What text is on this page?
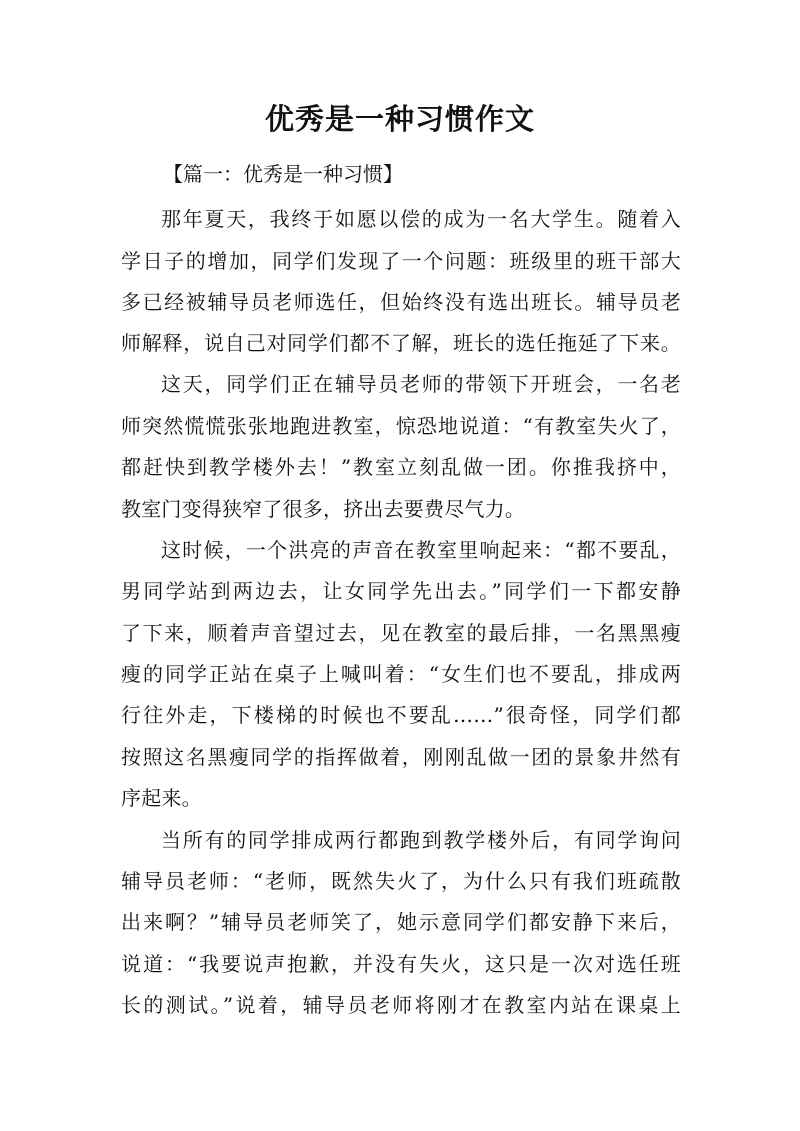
优秀是一种习惯作文

【篇一：优秀是一种习惯】

那年夏天，我终于如愿以偿的成为一名大学生。随着入

学日子的增加，同学们发现了一个问题：班级里的班干部大

多已经被辅导员老师选任，但始终没有选出班长。辅导员老

师解释，说自己对同学们都不了解，班长的选任拖延了下来。

这天，同学们正在辅导员老师的带领下开班会，一名老

师突然慌慌张张地跑进教室，惊恐地说道：“有教室失火了，

都赶快到教学楼外去！”教室立刻乱做一团。你推我挤中，

教室门变得狭窄了很多，挤出去要费尽气力。

这时候，一个洪亮的声音在教室里响起来：“都不要乱，

男同学站到两边去，让女同学先出去。”同学们一下都安静

了下来，顺着声音望过去，见在教室的最后排，一名黑黑瘦

瘦的同学正站在桌子上喊叫着：“女生们也不要乱，排成两

行往外走，下楼梯的时候也不要乱……”很奇怪，同学们都

按照这名黑瘦同学的指挥做着，刚刚乱做一团的景象井然有

序起来。

当所有的同学排成两行都跑到教学楼外后，有同学询问

辅导员老师：“老师，既然失火了，为什么只有我们班疏散

出来啊？”辅导员老师笑了，她示意同学们都安静下来后，

说道：“我要说声抱歉，并没有失火，这只是一次对选任班

长的测试。”说着，辅导员老师将刚才在教室内站在课桌上
